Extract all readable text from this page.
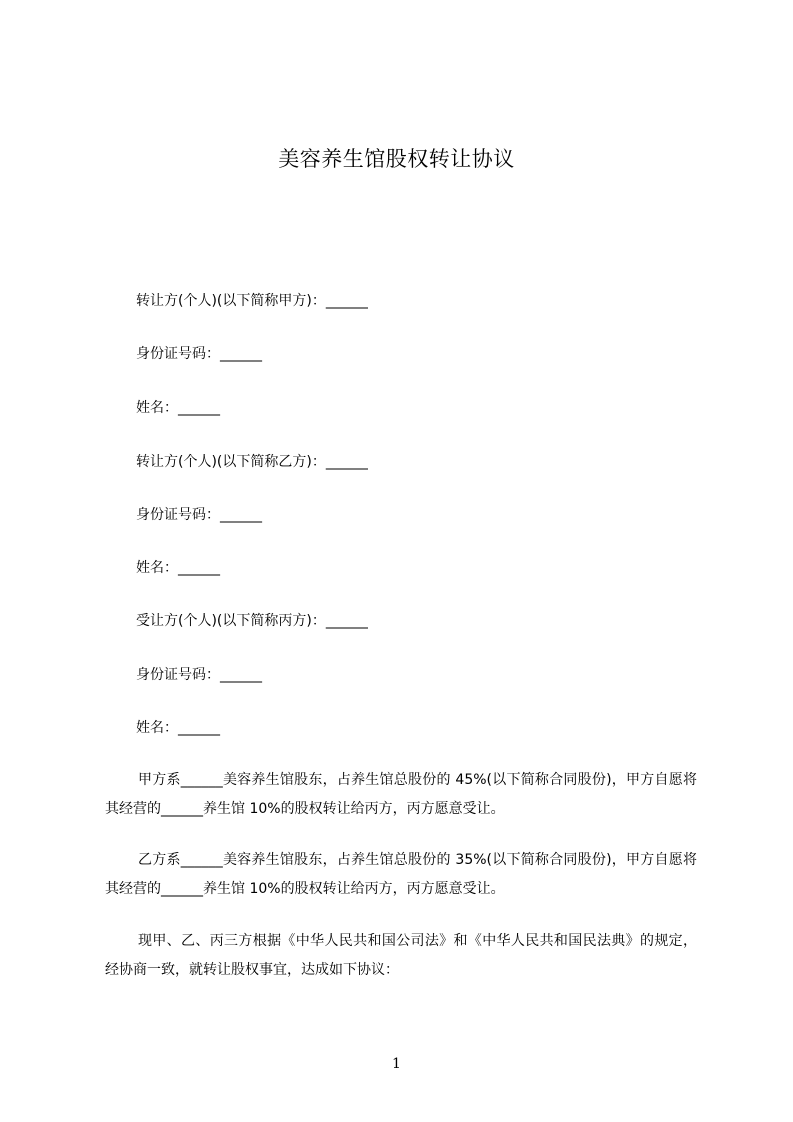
美容养生馆股权转让协议
转让方(个人)(以下简称甲方)：______
身份证号码：______
姓名：______
转让方(个人)(以下简称乙方)：______
身份证号码：______
姓名：______
受让方(个人)(以下简称丙方)：______
身份证号码：______
姓名：______
甲方系______美容养生馆股东，占养生馆总股份的 45%(以下简称合同股份)，甲方自愿将其经营的______养生馆 10%的股权转让给丙方，丙方愿意受让。
乙方系______美容养生馆股东，占养生馆总股份的 35%(以下简称合同股份)，甲方自愿将其经营的______养生馆 10%的股权转让给丙方，丙方愿意受让。
现甲、乙、丙三方根据《中华人民共和国公司法》和《中华人民共和国民法典》的规定，经协商一致，就转让股权事宜，达成如下协议：
1
